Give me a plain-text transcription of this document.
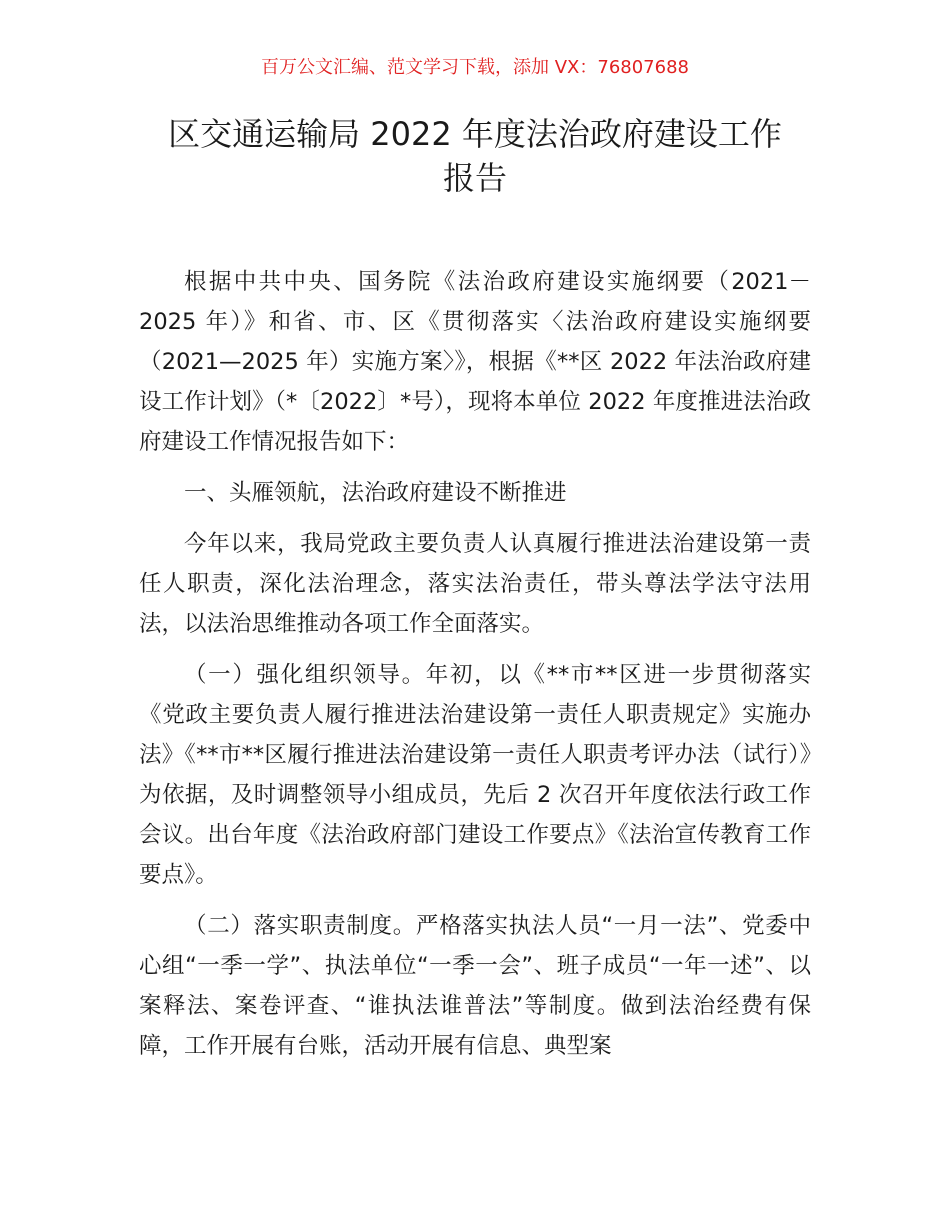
百万公文汇编、范文学习下载，添加 VX：76807688
区交通运输局 2022 年度法治政府建设工作
报告

根据中共中央、国务院《法治政府建设实施纲要（2021－2025 年）》和省、市、区《贯彻落实〈法治政府建设实施纲要（2021—2025 年）实施方案〉》，根据《**区 2022 年法治政府建设工作计划》（*〔2022〕*号），现将本单位 2022 年度推进法治政府建设工作情况报告如下：

一、头雁领航，法治政府建设不断推进

今年以来，我局党政主要负责人认真履行推进法治建设第一责任人职责，深化法治理念，落实法治责任，带头尊法学法守法用法，以法治思维推动各项工作全面落实。

（一）强化组织领导。年初，以《**市**区进一步贯彻落实《党政主要负责人履行推进法治建设第一责任人职责规定》实施办法》《**市**区履行推进法治建设第一责任人职责考评办法（试行）》为依据，及时调整领导小组成员，先后 2 次召开年度依法行政工作会议。出台年度《法治政府部门建设工作要点》《法治宣传教育工作要点》。

（二）落实职责制度。严格落实执法人员“一月一法”、党委中心组“一季一学”、执法单位“一季一会”、班子成员“一年一述”、以案释法、案卷评查、“谁执法谁普法”等制度。做到法治经费有保障，工作开展有台账，活动开展有信息、典型案
